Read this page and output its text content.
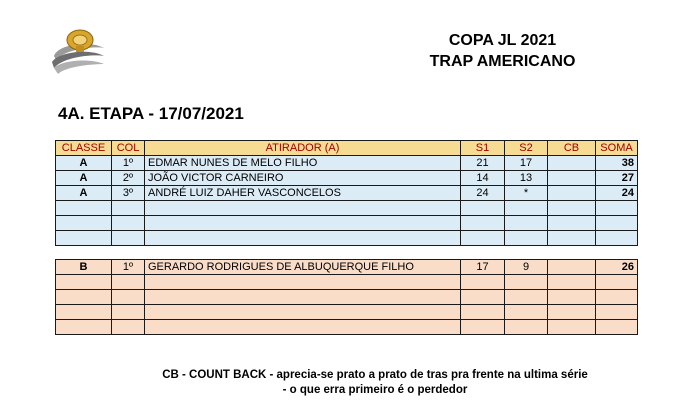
COPA JL 2021
TRAP AMERICANO
4A. ETAPA - 17/07/2021
CLASSE	COL	ATIRADOR (A)	S1	S2	CB	SOMA
A	1º	EDMAR NUNES DE MELO FILHO	21	17		38
A	2º	JOÃO VICTOR CARNEIRO	14	13		27
A	3º	ANDRÉ LUIZ DAHER VASCONCELOS	24	*		24

B	1º	GERARDO RODRIGUES DE ALBUQUERQUE FILHO	17	9		26

CB - COUNT BACK - aprecia-se prato a prato de tras pra frente na ultima série
- o que erra primeiro é o perdedor
